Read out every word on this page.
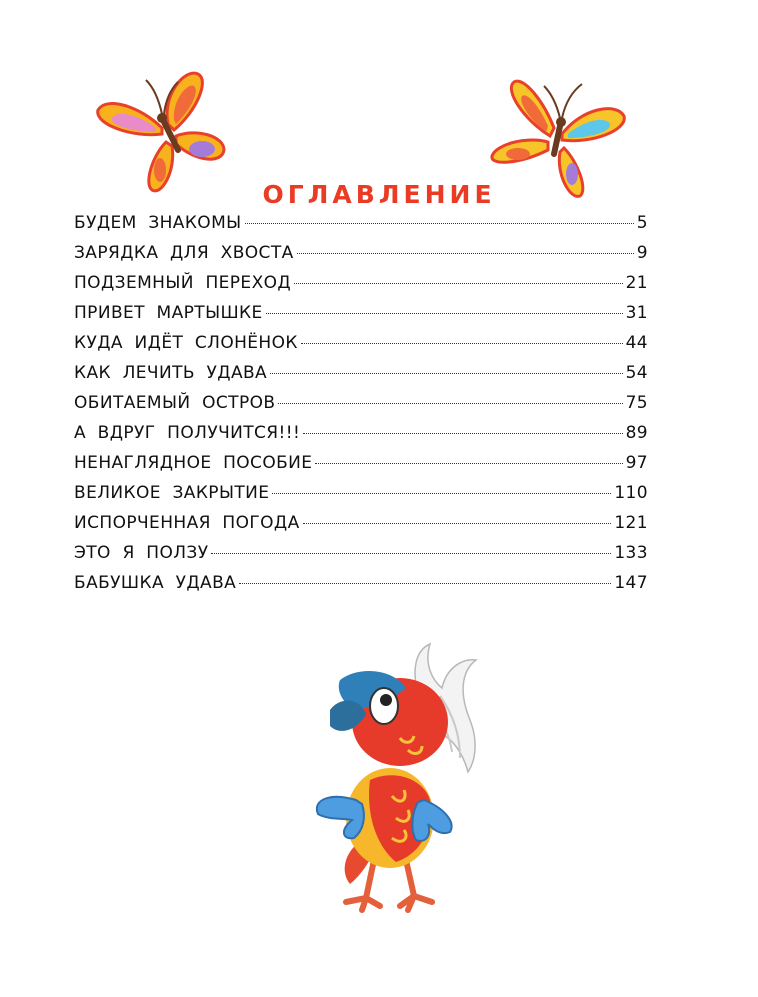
ОГЛАВЛЕНИЕ
БУДЕМ  ЗНАКОМЫ	5
ЗАРЯДКА  ДЛЯ  ХВОСТА	9
ПОДЗЕМНЫЙ  ПЕРЕХОД	21
ПРИВЕТ  МАРТЫШКЕ	31
КУДА  ИДЁТ  СЛОНЁНОК	44
КАК  ЛЕЧИТЬ  УДАВА	54
ОБИТАЕМЫЙ  ОСТРОВ	75
А  ВДРУГ  ПОЛУЧИТСЯ!!!	89
НЕНАГЛЯДНОЕ  ПОСОБИЕ	97
ВЕЛИКОЕ  ЗАКРЫТИЕ	110
ИСПОРЧЕННАЯ  ПОГОДА	121
ЭТО  Я  ПОЛЗУ	133
БАБУШКА  УДАВА	147
